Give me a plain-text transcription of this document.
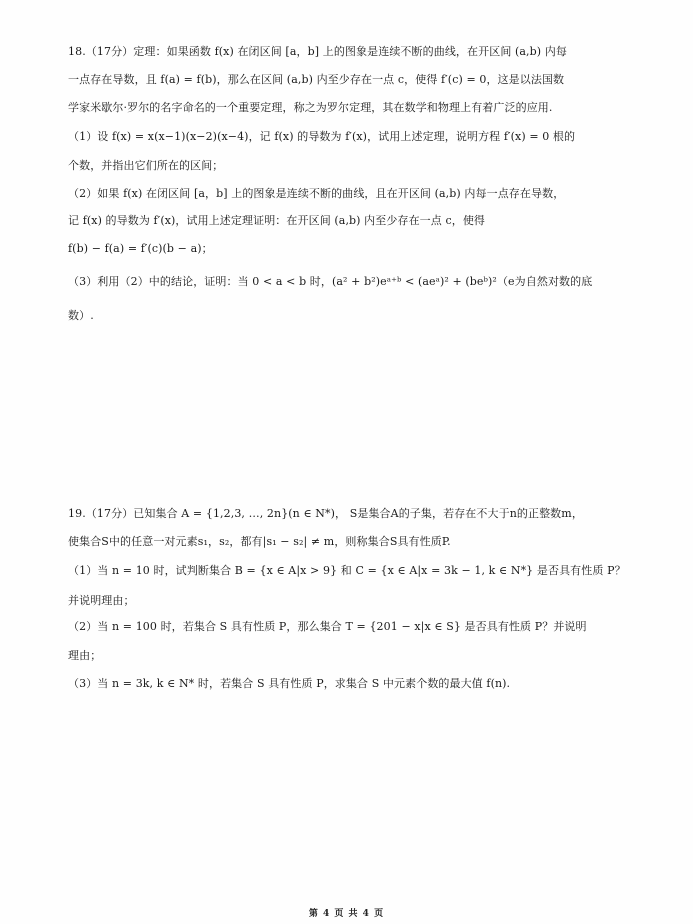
18.（17分）定理：如果函数 f(x) 在闭区间 [a，b] 上的图象是连续不断的曲线，在开区间 (a,b) 内每
一点存在导数，且 f(a) = f(b)，那么在区间 (a,b) 内至少存在一点 c，使得 f′(c) = 0，这是以法国数
学家米歇尔·罗尔的名字命名的一个重要定理，称之为罗尔定理，其在数学和物理上有着广泛的应用.
（1）设 f(x) = x(x−1)(x−2)(x−4)，记 f(x) 的导数为 f′(x)，试用上述定理，说明方程 f′(x) = 0 根的
个数，并指出它们所在的区间；
（2）如果 f(x) 在闭区间 [a，b] 上的图象是连续不断的曲线，且在开区间 (a,b) 内每一点存在导数，
记 f(x) 的导数为 f′(x)，试用上述定理证明：在开区间 (a,b) 内至少存在一点 c，使得
f(b) − f(a) = f′(c)(b − a)；
（3）利用（2）中的结论，证明：当 0 < a < b 时，(a² + b²)eᵃ⁺ᵇ < (aeᵃ)² + (beᵇ)²（e为自然对数的底
数）.
19.（17分）已知集合 A = {1,2,3, …, 2n}(n ∈ N*)， S是集合A的子集，若存在不大于n的正整数m，
使集合S中的任意一对元素s₁，s₂，都有|s₁ − s₂| ≠ m，则称集合S具有性质P.
（1）当 n = 10 时，试判断集合 B = {x ∈ A|x > 9} 和 C = {x ∈ A|x = 3k − 1, k ∈ N*} 是否具有性质 P？
并说明理由；
（2）当 n = 100 时，若集合 S 具有性质 P，那么集合 T = {201 − x|x ∈ S} 是否具有性质 P？并说明
理由；
（3）当 n = 3k, k ∈ N* 时，若集合 S 具有性质 P，求集合 S 中元素个数的最大值 f(n).
第 4 页 共 4 页
